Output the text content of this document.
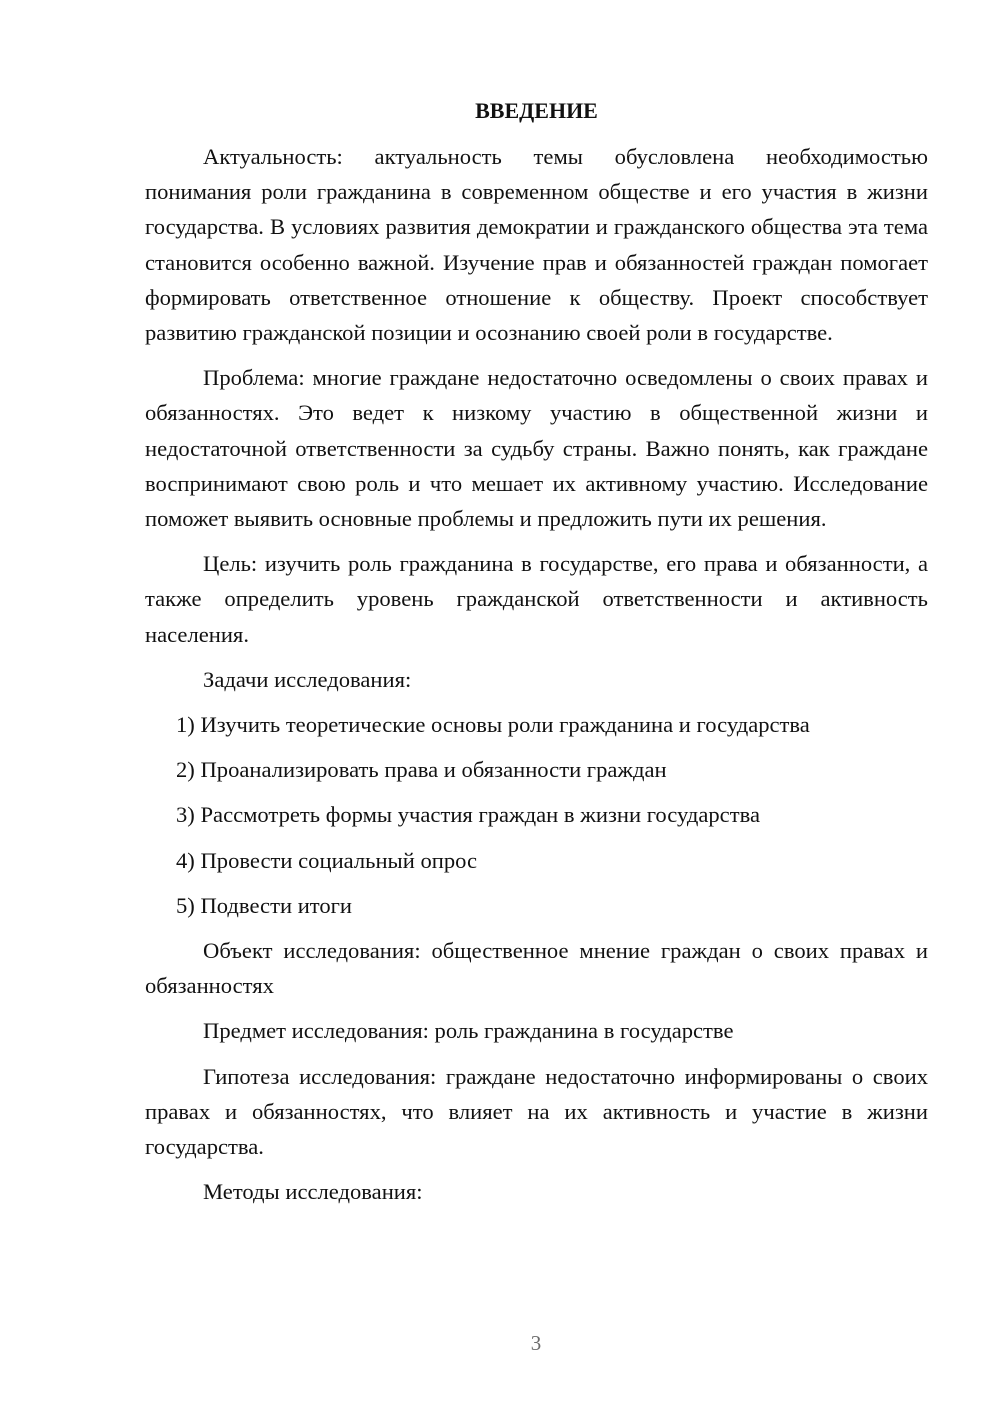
ВВЕДЕНИЕ

Актуальность: актуальность темы обусловлена необходимостью понимания роли гражданина в современном обществе и его участия в жизни государства. В условиях развития демократии и гражданского общества эта тема становится особенно важной. Изучение прав и обязанностей граждан помогает формировать ответственное отношение к обществу. Проект способствует развитию гражданской позиции и осознанию своей роли в государстве.

Проблема: многие граждане недостаточно осведомлены о своих правах и обязанностях. Это ведет к низкому участию в общественной жизни и недостаточной ответственности за судьбу страны. Важно понять, как граждане воспринимают свою роль и что мешает их активному участию. Исследование поможет выявить основные проблемы и предложить пути их решения.

Цель: изучить роль гражданина в государстве, его права и обязанности, а также определить уровень гражданской ответственности и активность населения.

Задачи исследования:

1) Изучить теоретические основы роли гражданина и государства
2) Проанализировать права и обязанности граждан
3) Рассмотреть формы участия граждан в жизни государства
4) Провести социальный опрос
5) Подвести итоги

Объект исследования: общественное мнение граждан о своих правах и обязанностях

Предмет исследования: роль гражданина в государстве

Гипотеза исследования: граждане недостаточно информированы о своих правах и обязанностях, что влияет на их активность и участие в жизни государства.

Методы исследования:

3
